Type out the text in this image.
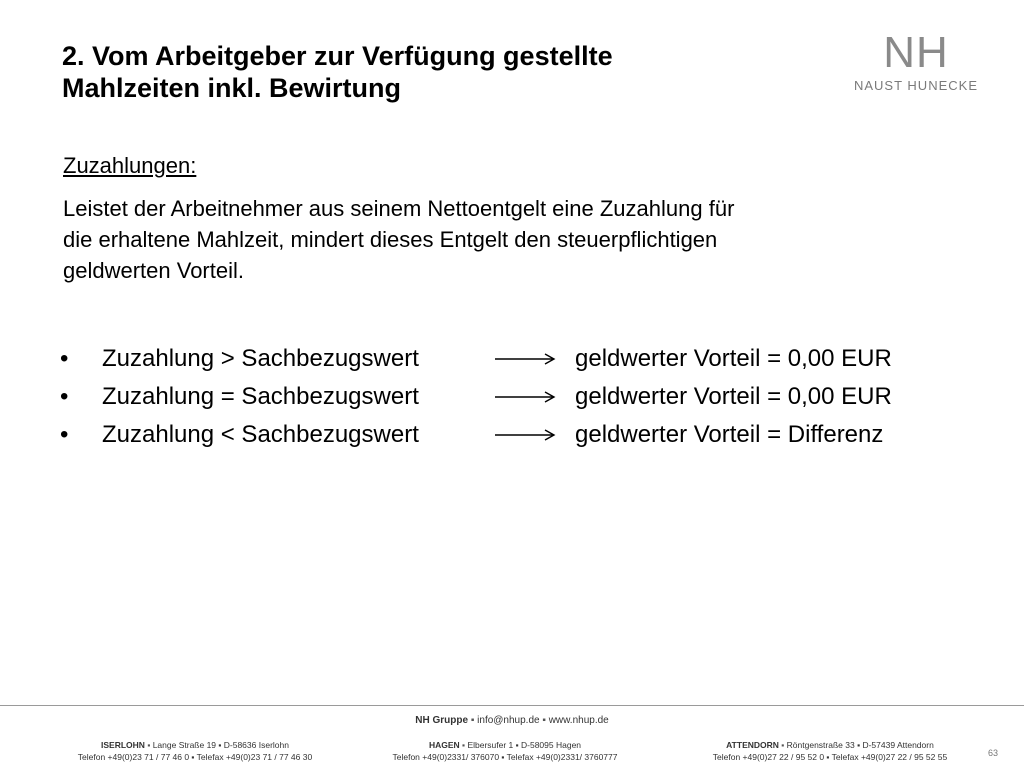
2. Vom Arbeitgeber zur Verfügung gestellte
Mahlzeiten inkl. Bewirtung
NH
NAUST HUNECKE
Zuzahlungen:
Leistet der Arbeitnehmer aus seinem Nettoentgelt eine Zuzahlung für
die erhaltene Mahlzeit, mindert dieses Entgelt den steuerpflichtigen
geldwerten Vorteil.
• Zuzahlung > Sachbezugswert	geldwerter Vorteil = 0,00 EUR
• Zuzahlung = Sachbezugswert	geldwerter Vorteil = 0,00 EUR
• Zuzahlung < Sachbezugswert	geldwerter Vorteil = Differenz
NH Gruppe ▪ info@nhup.de ▪ www.nhup.de
ISERLOHN ▪ Lange Straße 19 ▪ D-58636 Iserlohn
Telefon +49(0)23 71 / 77 46 0 ▪ Telefax +49(0)23 71 / 77 46 30
HAGEN ▪ Elbersufer 1 ▪ D-58095 Hagen
Telefon +49(0)2331/ 376070 ▪ Telefax +49(0)2331/ 3760777
ATTENDORN ▪ Röntgenstraße 33 ▪ D-57439 Attendorn
Telefon +49(0)27 22 / 95 52 0 ▪ Telefax +49(0)27 22 / 95 52 55	63
